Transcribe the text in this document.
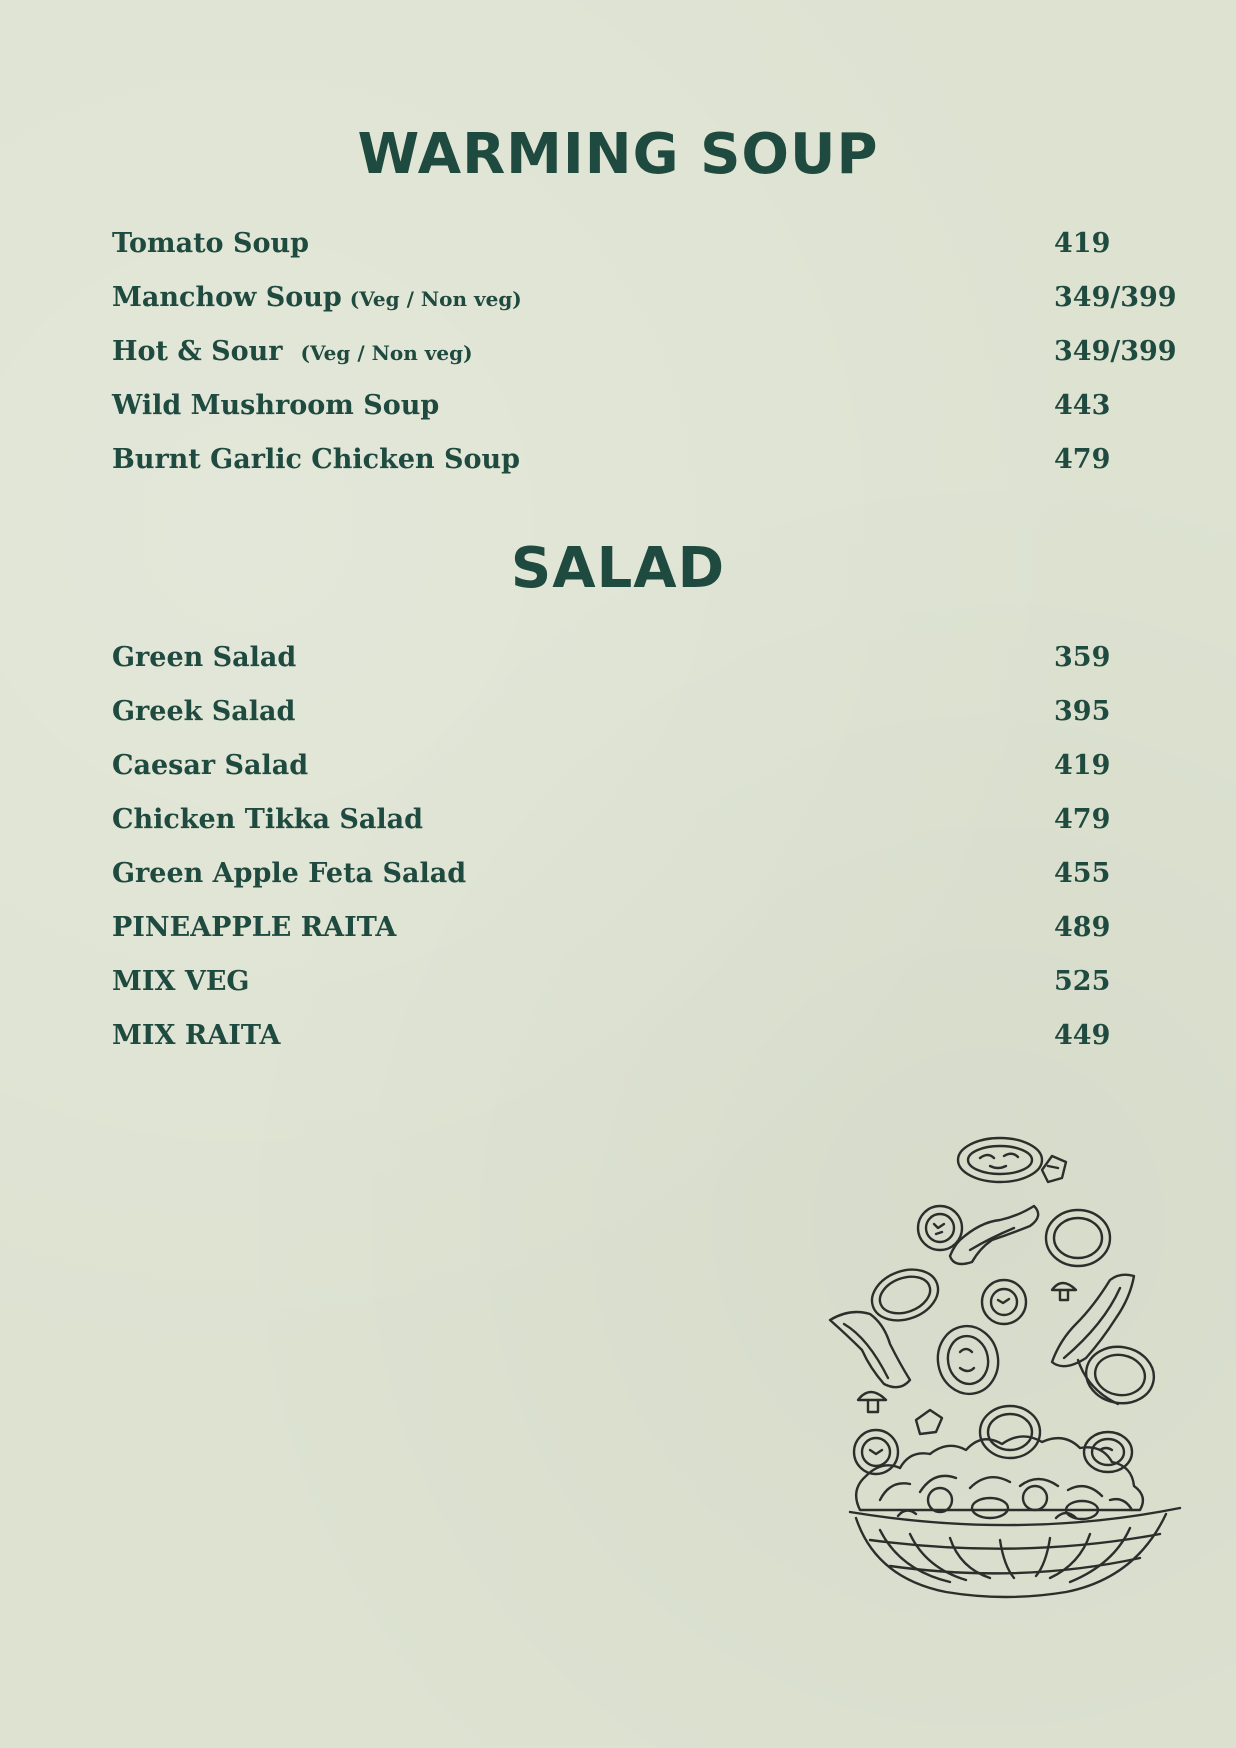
WARMING SOUP
Tomato Soup	419
Manchow Soup (Veg / Non veg)	349/399
Hot & Sour (Veg / Non veg)	349/399
Wild Mushroom Soup	443
Burnt Garlic Chicken Soup	479
SALAD
Green Salad	359
Greek Salad	395
Caesar Salad	419
Chicken Tikka Salad	479
Green Apple Feta Salad	455
PINEAPPLE RAITA	489
MIX VEG	525
MIX RAITA	449
